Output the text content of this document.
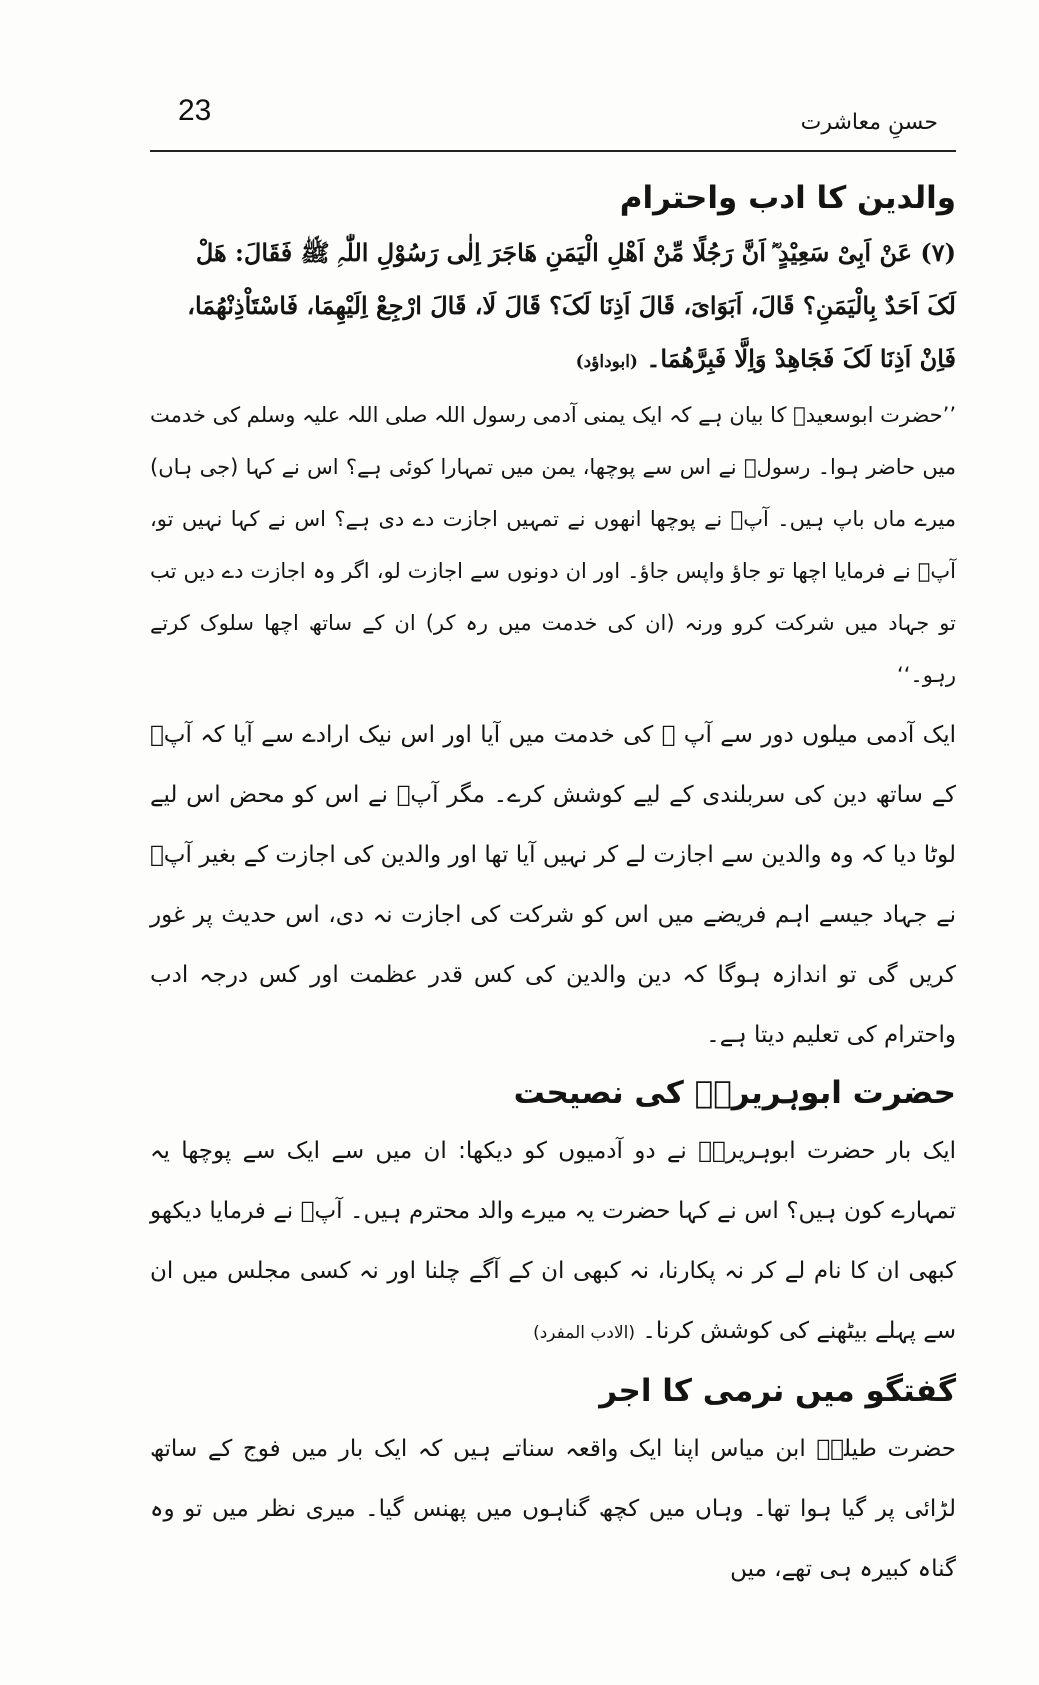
23	حسنِ معاشرت
والدین کا ادب واحترام

(۷) عَنْ اَبِیْ سَعِیْدٍ ؓ اَنَّ رَجُلًا مِّنْ اَھْلِ الْیَمَنِ ھَاجَرَ اِلٰی رَسُوْلِ اللّٰہِ ﷺ فَقَالَ: ھَلْ

لَکَ اَحَدٌ بِالْیَمَنِ؟ قَالَ، اَبَوَایَ، قَالَ اَذِنَا لَکَ؟ قَالَ لَا، قَالَ ارْجِعْ اِلَیْھِمَا، فَاسْتَاْذِنْھُمَا،

فَاِنْ اَذِنَا لَکَ فَجَاھِدْ وَاِلَّا فَبِرَّھُمَا۔ (ابوداؤد)

’’حضرت ابوسعیدؓ کا بیان ہے کہ ایک یمنی آدمی رسول اللہ صلی اللہ علیہ وسلم کی خدمت میں حاضر ہوا۔ رسولؐ نے اس سے پوچھا، یمن میں تمہارا کوئی ہے؟ اس نے کہا (جی ہاں) میرے ماں باپ ہیں۔ آپؐ نے پوچھا انھوں نے تمہیں اجازت دے دی ہے؟ اس نے کہا نہیں تو، آپؐ نے فرمایا اچھا تو جاؤ واپس جاؤ۔ اور ان دونوں سے اجازت لو، اگر وہ اجازت دے دیں تب تو جہاد میں شرکت کرو ورنہ (ان کی خدمت میں رہ کر) ان کے ساتھ اچھا سلوک کرتے رہو۔‘‘

ایک آدمی میلوں دور سے آپ ﷺ کی خدمت میں آیا اور اس نیک ارادے سے آیا کہ آپؐ کے ساتھ دین کی سربلندی کے لیے کوشش کرے۔ مگر آپؐ نے اس کو محض اس لیے لوٹا دیا کہ وہ والدین سے اجازت لے کر نہیں آیا تھا اور والدین کی اجازت کے بغیر آپؐ نے جہاد جیسے اہم فریضے میں اس کو شرکت کی اجازت نہ دی، اس حدیث پر غور کریں گی تو اندازہ ہوگا کہ دین والدین کی کس قدر عظمت اور کس درجہ ادب واحترام کی تعلیم دیتا ہے۔

حضرت ابوہریرہؓ کی نصیحت

ایک بار حضرت ابوہریرہؓ نے دو آدمیوں کو دیکھا: ان میں سے ایک سے پوچھا یہ تمہارے کون ہیں؟ اس نے کہا حضرت یہ میرے والد محترم ہیں۔ آپؐ نے فرمایا دیکھو کبھی ان کا نام لے کر نہ پکارنا، نہ کبھی ان کے آگے چلنا اور نہ کسی مجلس میں ان سے پہلے بیٹھنے کی کوشش کرنا۔ (الادب المفرد)

گفتگو میں نرمی کا اجر

حضرت طیلہؒ ابن میاس اپنا ایک واقعہ سناتے ہیں کہ ایک بار میں فوج کے ساتھ لڑائی پر گیا ہوا تھا۔ وہاں میں کچھ گناہوں میں پھنس گیا۔ میری نظر میں تو وہ گناہ کبیرہ ہی تھے، میں
